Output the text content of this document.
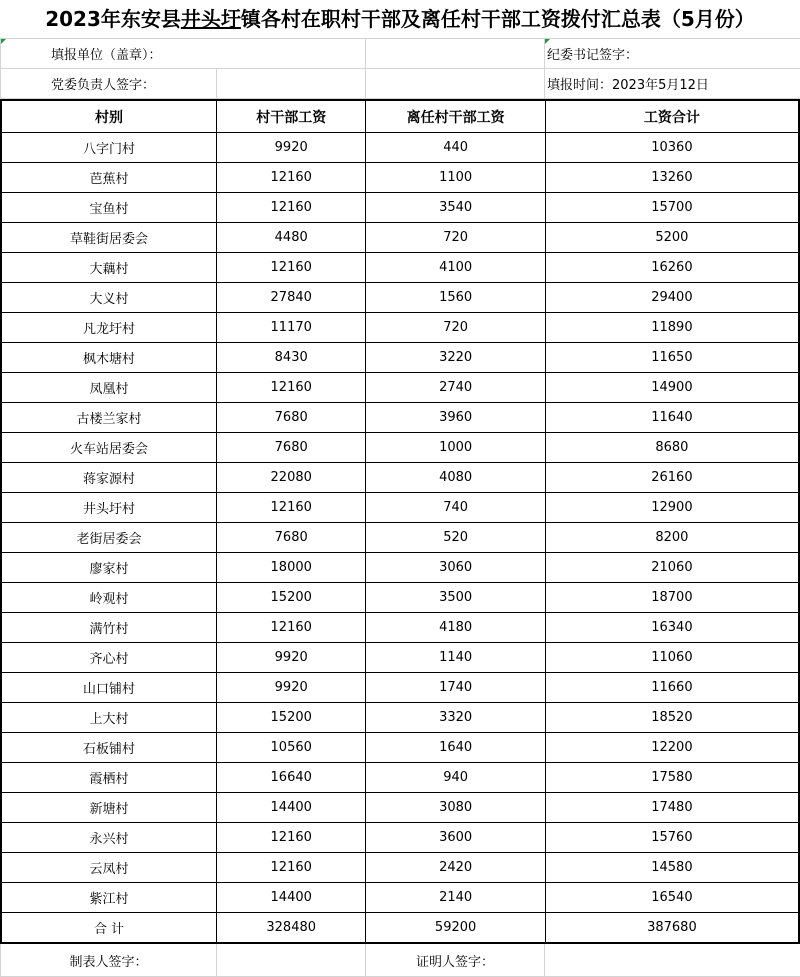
2023年东安县井头圩镇各村在职村干部及离任村干部工资拨付汇总表（5月份）
填报单位（盖章）：			纪委书记签字：
党委负责人签字：			填报时间：2023年5月12日
村别	村干部工资	离任村干部工资	工资合计
八字门村	9920	440	10360
芭蕉村	12160	1100	13260
宝鱼村	12160	3540	15700
草鞋街居委会	4480	720	5200
大藕村	12160	4100	16260
大义村	27840	1560	29400
凡龙圩村	11170	720	11890
枫木塘村	8430	3220	11650
凤凰村	12160	2740	14900
古楼兰家村	7680	3960	11640
火车站居委会	7680	1000	8680
蒋家源村	22080	4080	26160
井头圩村	12160	740	12900
老街居委会	7680	520	8200
廖家村	18000	3060	21060
岭观村	15200	3500	18700
满竹村	12160	4180	16340
齐心村	9920	1140	11060
山口铺村	9920	1740	11660
上大村	15200	3320	18520
石板铺村	10560	1640	12200
霞栖村	16640	940	17580
新塘村	14400	3080	17480
永兴村	12160	3600	15760
云凤村	12160	2420	14580
紫江村	14400	2140	16540
合 计	328480	59200	387680
制表人签字：		证明人签字：	
